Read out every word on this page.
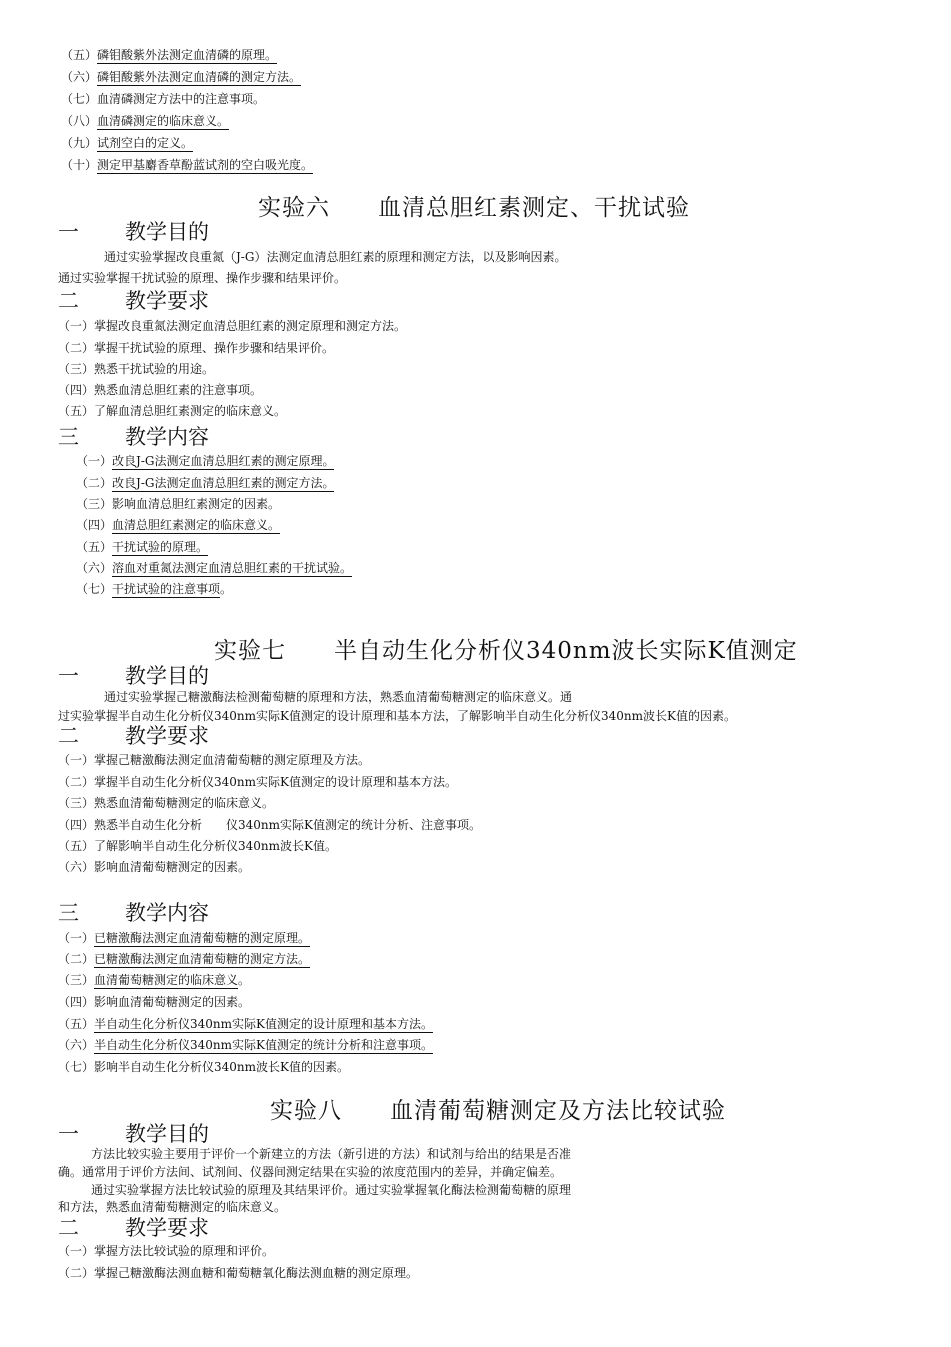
（五）磷钼酸紫外法测定血清磷的原理。
（六）磷钼酸紫外法测定血清磷的测定方法。
（七）血清磷测定方法中的注意事项。
（八）血清磷测定的临床意义。
（九）试剂空白的定义。
（十）测定甲基麝香草酚蓝试剂的空白吸光度。
实验六　　血清总胆红素测定、干扰试验
一 教学目的
通过实验掌握改良重氮（J-G）法测定血清总胆红素的原理和测定方法，以及影响因素。
通过实验掌握干扰试验的原理、操作步骤和结果评价。
二 教学要求
（一）掌握改良重氮法测定血清总胆红素的测定原理和测定方法。
（二）掌握干扰试验的原理、操作步骤和结果评价。
（三）熟悉干扰试验的用途。
（四）熟悉血清总胆红素的注意事项。
（五）了解血清总胆红素测定的临床意义。
三 教学内容
（一）改良J-G法测定血清总胆红素的测定原理。
（二）改良J-G法测定血清总胆红素的测定方法。
（三）影响血清总胆红素测定的因素。
（四）血清总胆红素测定的临床意义。
（五）干扰试验的原理。
（六）溶血对重氮法测定血清总胆红素的干扰试验。
（七）干扰试验的注意事项。
实验七　　半自动生化分析仪340nm波长实际K值测定
一 教学目的
通过实验掌握己糖激酶法检测葡萄糖的原理和方法，熟悉血清葡萄糖测定的临床意义。通
过实验掌握半自动生化分析仪340nm实际K值测定的设计原理和基本方法，了解影响半自动生化分析仪340nm波长K值的因素。
二 教学要求
（一）掌握己糖激酶法测定血清葡萄糖的测定原理及方法。
（二）掌握半自动生化分析仪340nm实际K值测定的设计原理和基本方法。
（三）熟悉血清葡萄糖测定的临床意义。
（四）熟悉半自动生化分析　　仪340nm实际K值测定的统计分析、注意事项。
（五）了解影响半自动生化分析仪340nm波长K值。
（六）影响血清葡萄糖测定的因素。
三 教学内容
（一）已糖激酶法测定血清葡萄糖的测定原理。
（二）已糖激酶法测定血清葡萄糖的测定方法。
（三）血清葡萄糖测定的临床意义。
（四）影响血清葡萄糖测定的因素。
（五）半自动生化分析仪340nm实际K值测定的设计原理和基本方法。
（六）半自动生化分析仪340nm实际K值测定的统计分析和注意事项。
（七）影响半自动生化分析仪340nm波长K值的因素。
实验八　　血清葡萄糖测定及方法比较试验
一 教学目的
方法比较实验主要用于评价一个新建立的方法（新引进的方法）和试剂与给出的结果是否准
确。通常用于评价方法间、试剂间、仪器间测定结果在实验的浓度范围内的差异，并确定偏差。
通过实验掌握方法比较试验的原理及其结果评价。通过实验掌握氧化酶法检测葡萄糖的原理
和方法，熟悉血清葡萄糖测定的临床意义。
二 教学要求
（一）掌握方法比较试验的原理和评价。
（二）掌握己糖激酶法测血糖和葡萄糖氧化酶法测血糖的测定原理。
